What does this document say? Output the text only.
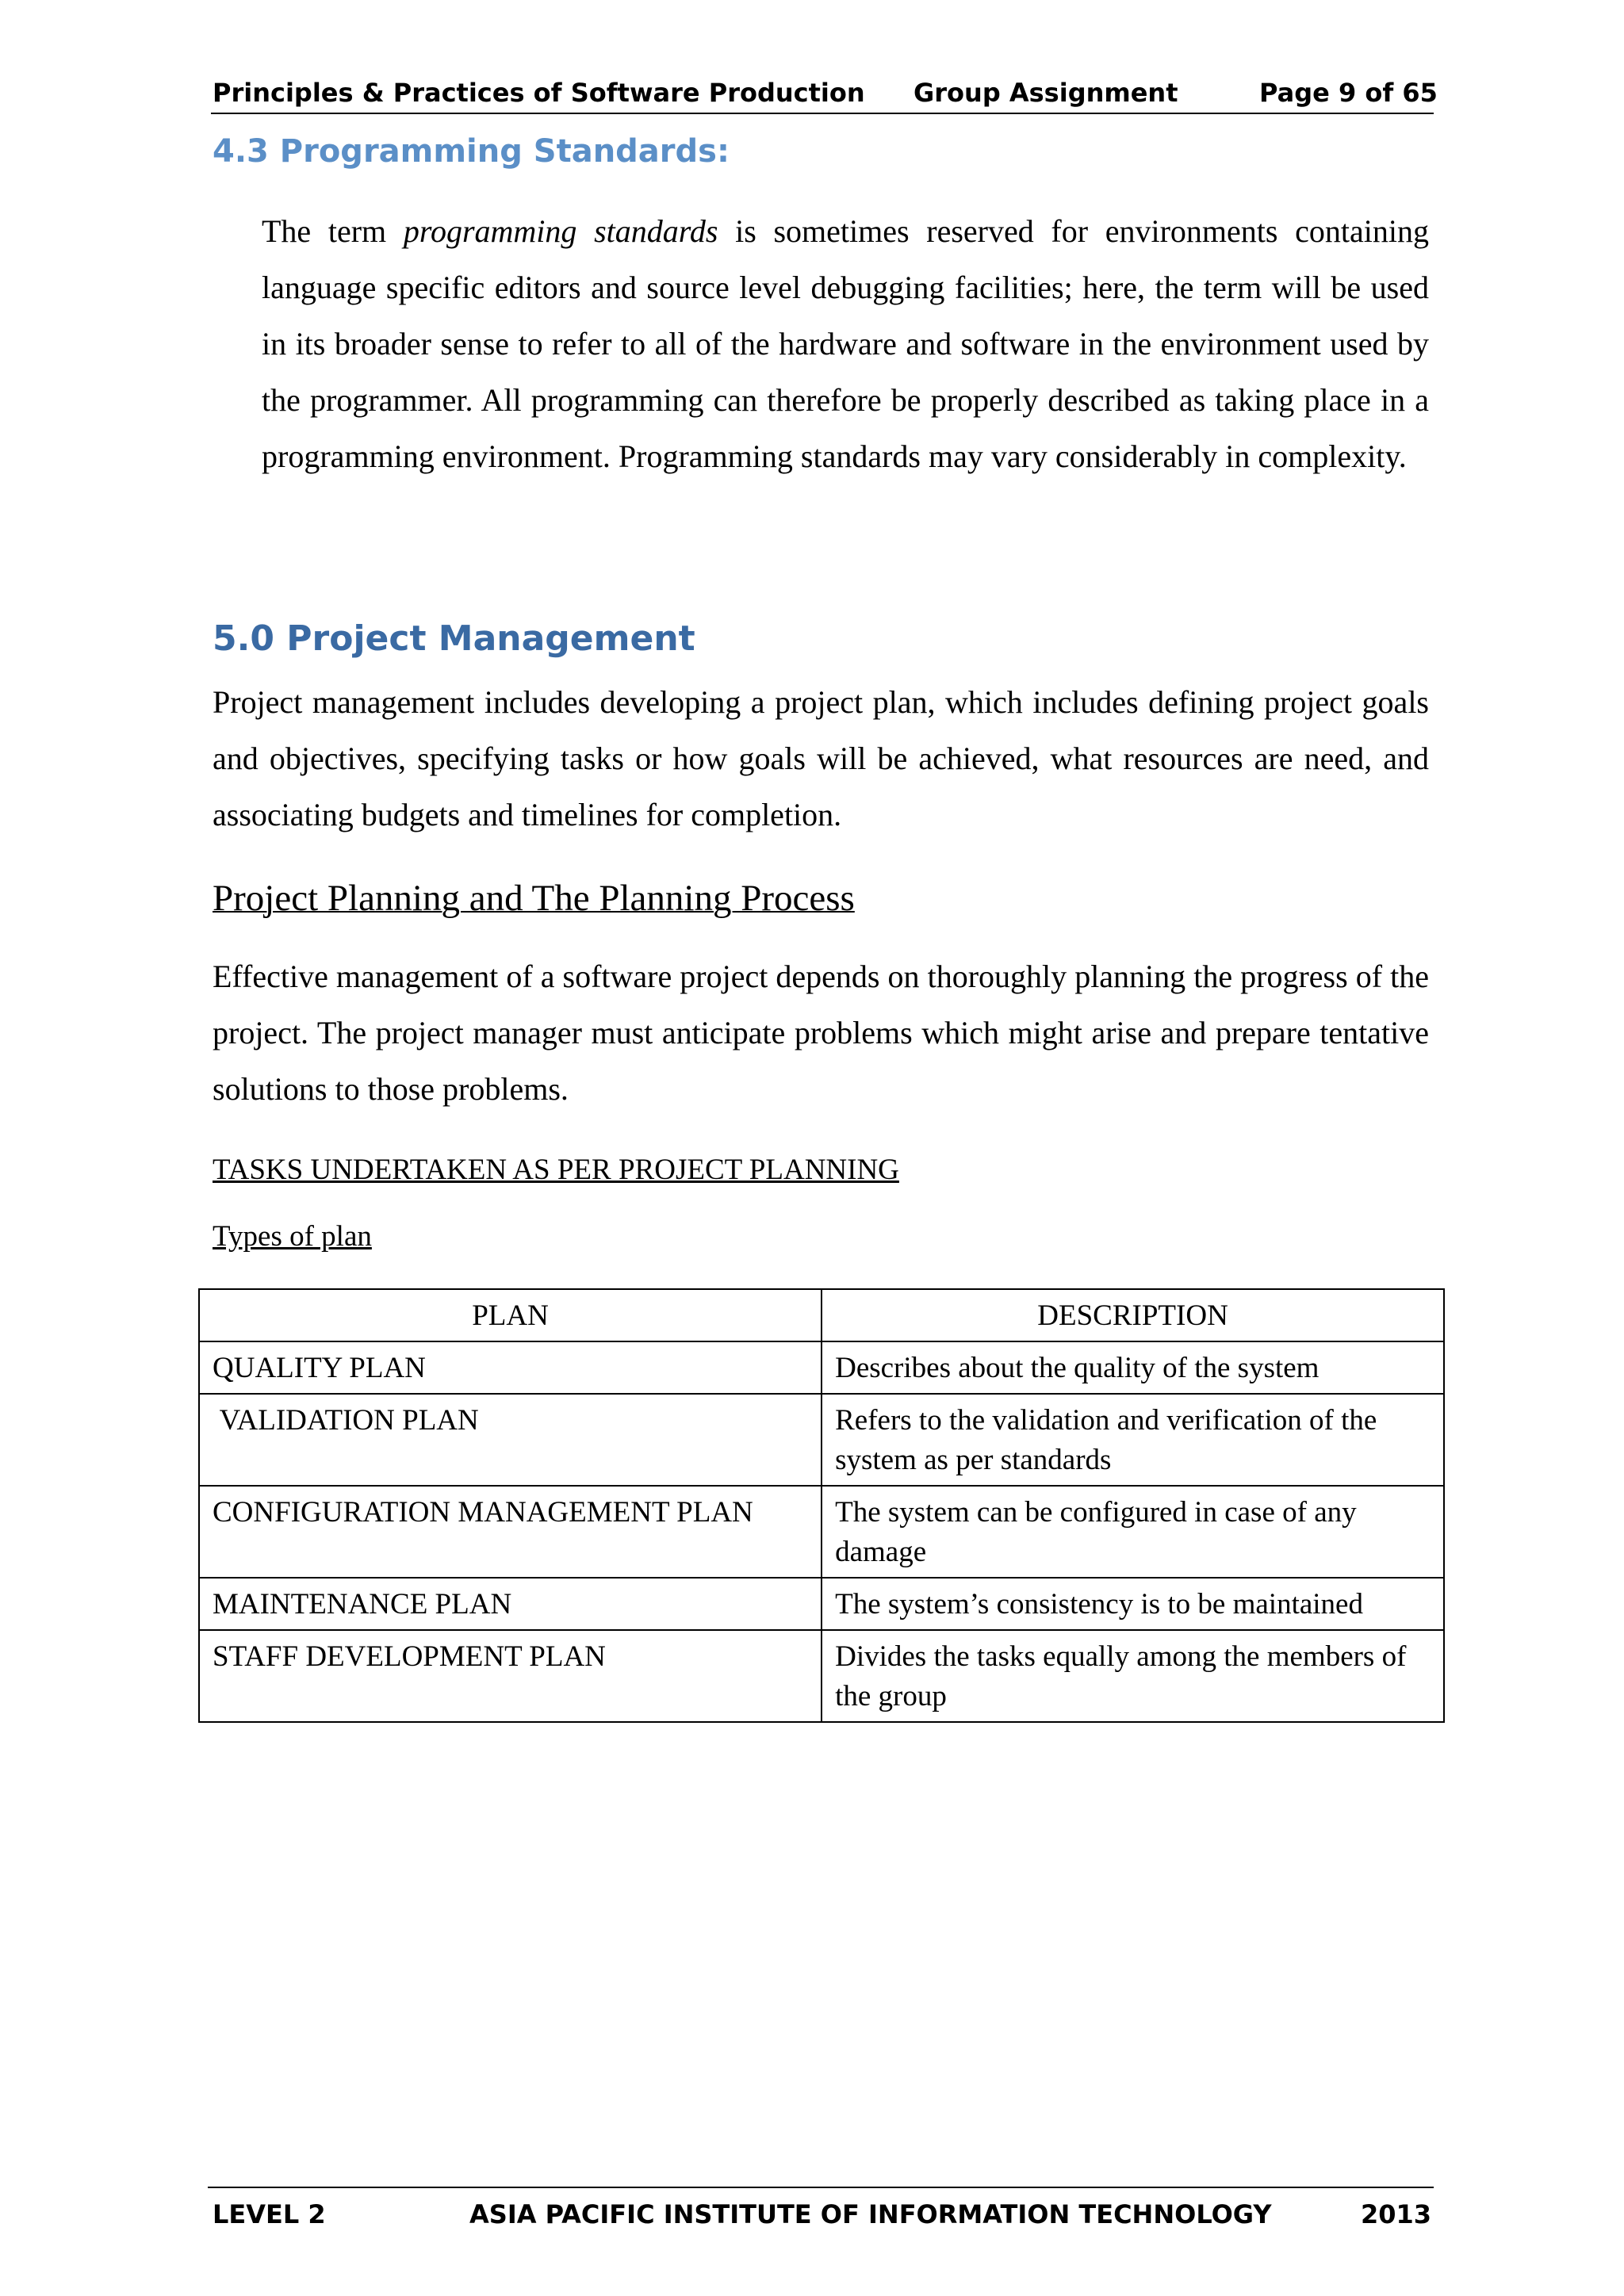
Principles & Practices of Software Production Group Assignment	Page 9 of 65
4.3 Programming Standards:

The term programming standards is sometimes reserved for environments containing language specific editors and source level debugging facilities; here, the term will be used in its broader sense to refer to all of the hardware and software in the environment used by the programmer. All programming can therefore be properly described as taking place in a programming environment. Programming standards may vary considerably in complexity.

5.0 Project Management

Project management includes developing a project plan, which includes defining project goals and objectives, specifying tasks or how goals will be achieved, what resources are need, and associating budgets and timelines for completion.

Project Planning and The Planning Process

Effective management of a software project depends on thoroughly planning the progress of the project. The project manager must anticipate problems which might arise and prepare tentative solutions to those problems.

TASKS UNDERTAKEN AS PER PROJECT PLANNING
Types of plan
PLAN	DESCRIPTION
QUALITY PLAN	Describes about the quality of the system
VALIDATION PLAN	Refers to the validation and verification of the system as per standards
CONFIGURATION MANAGEMENT PLAN	The system can be configured in case of any damage
MAINTENANCE PLAN	The system’s consistency is to be maintained
STAFF DEVELOPMENT PLAN	Divides the tasks equally among the members of the group
LEVEL 2	ASIA PACIFIC INSTITUTE OF INFORMATION TECHNOLOGY	2013
